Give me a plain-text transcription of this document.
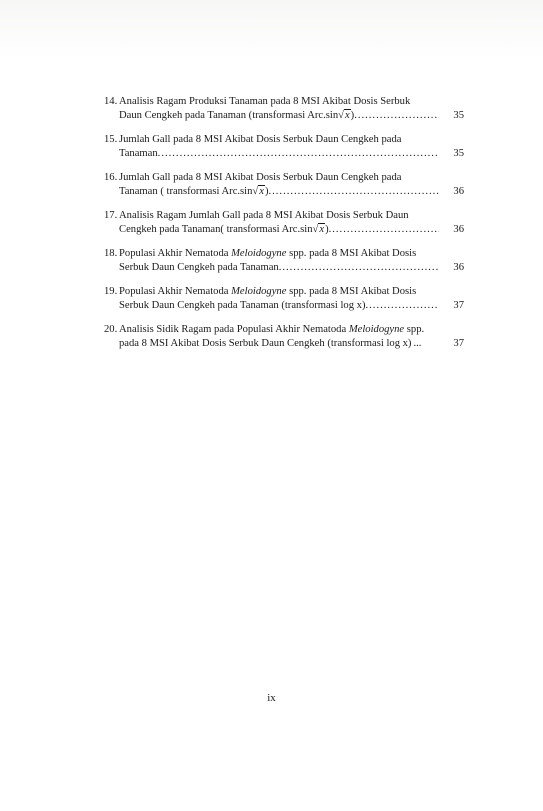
14. Analisis Ragam Produksi Tanaman pada 8 MSI Akibat Dosis Serbuk
Daun Cengkeh pada Tanaman (transformasi Arc.sin √x ) .....	35
15. Jumlah Gall pada 8 MSI Akibat Dosis Serbuk Daun Cengkeh pada
Tanaman .....	35
16. Jumlah Gall pada 8 MSI Akibat Dosis Serbuk Daun Cengkeh pada
Tanaman ( transformasi Arc.sin √x ) .....	36
17. Analisis Ragam Jumlah Gall pada 8 MSI Akibat Dosis Serbuk Daun
Cengkeh pada Tanaman( transformasi Arc.sin √x ) .....	36
18. Populasi Akhir Nematoda Meloidogyne spp. pada 8 MSI Akibat Dosis
Serbuk Daun Cengkeh pada Tanaman .....	36
19. Populasi Akhir Nematoda Meloidogyne spp. pada 8 MSI Akibat Dosis
Serbuk Daun Cengkeh pada Tanaman (transformasi log x) .....	37
20. Analisis Sidik Ragam pada Populasi Akhir Nematoda Meloidogyne spp.
pada 8 MSI Akibat Dosis Serbuk Daun Cengkeh (transformasi log x) ...	37
ix
